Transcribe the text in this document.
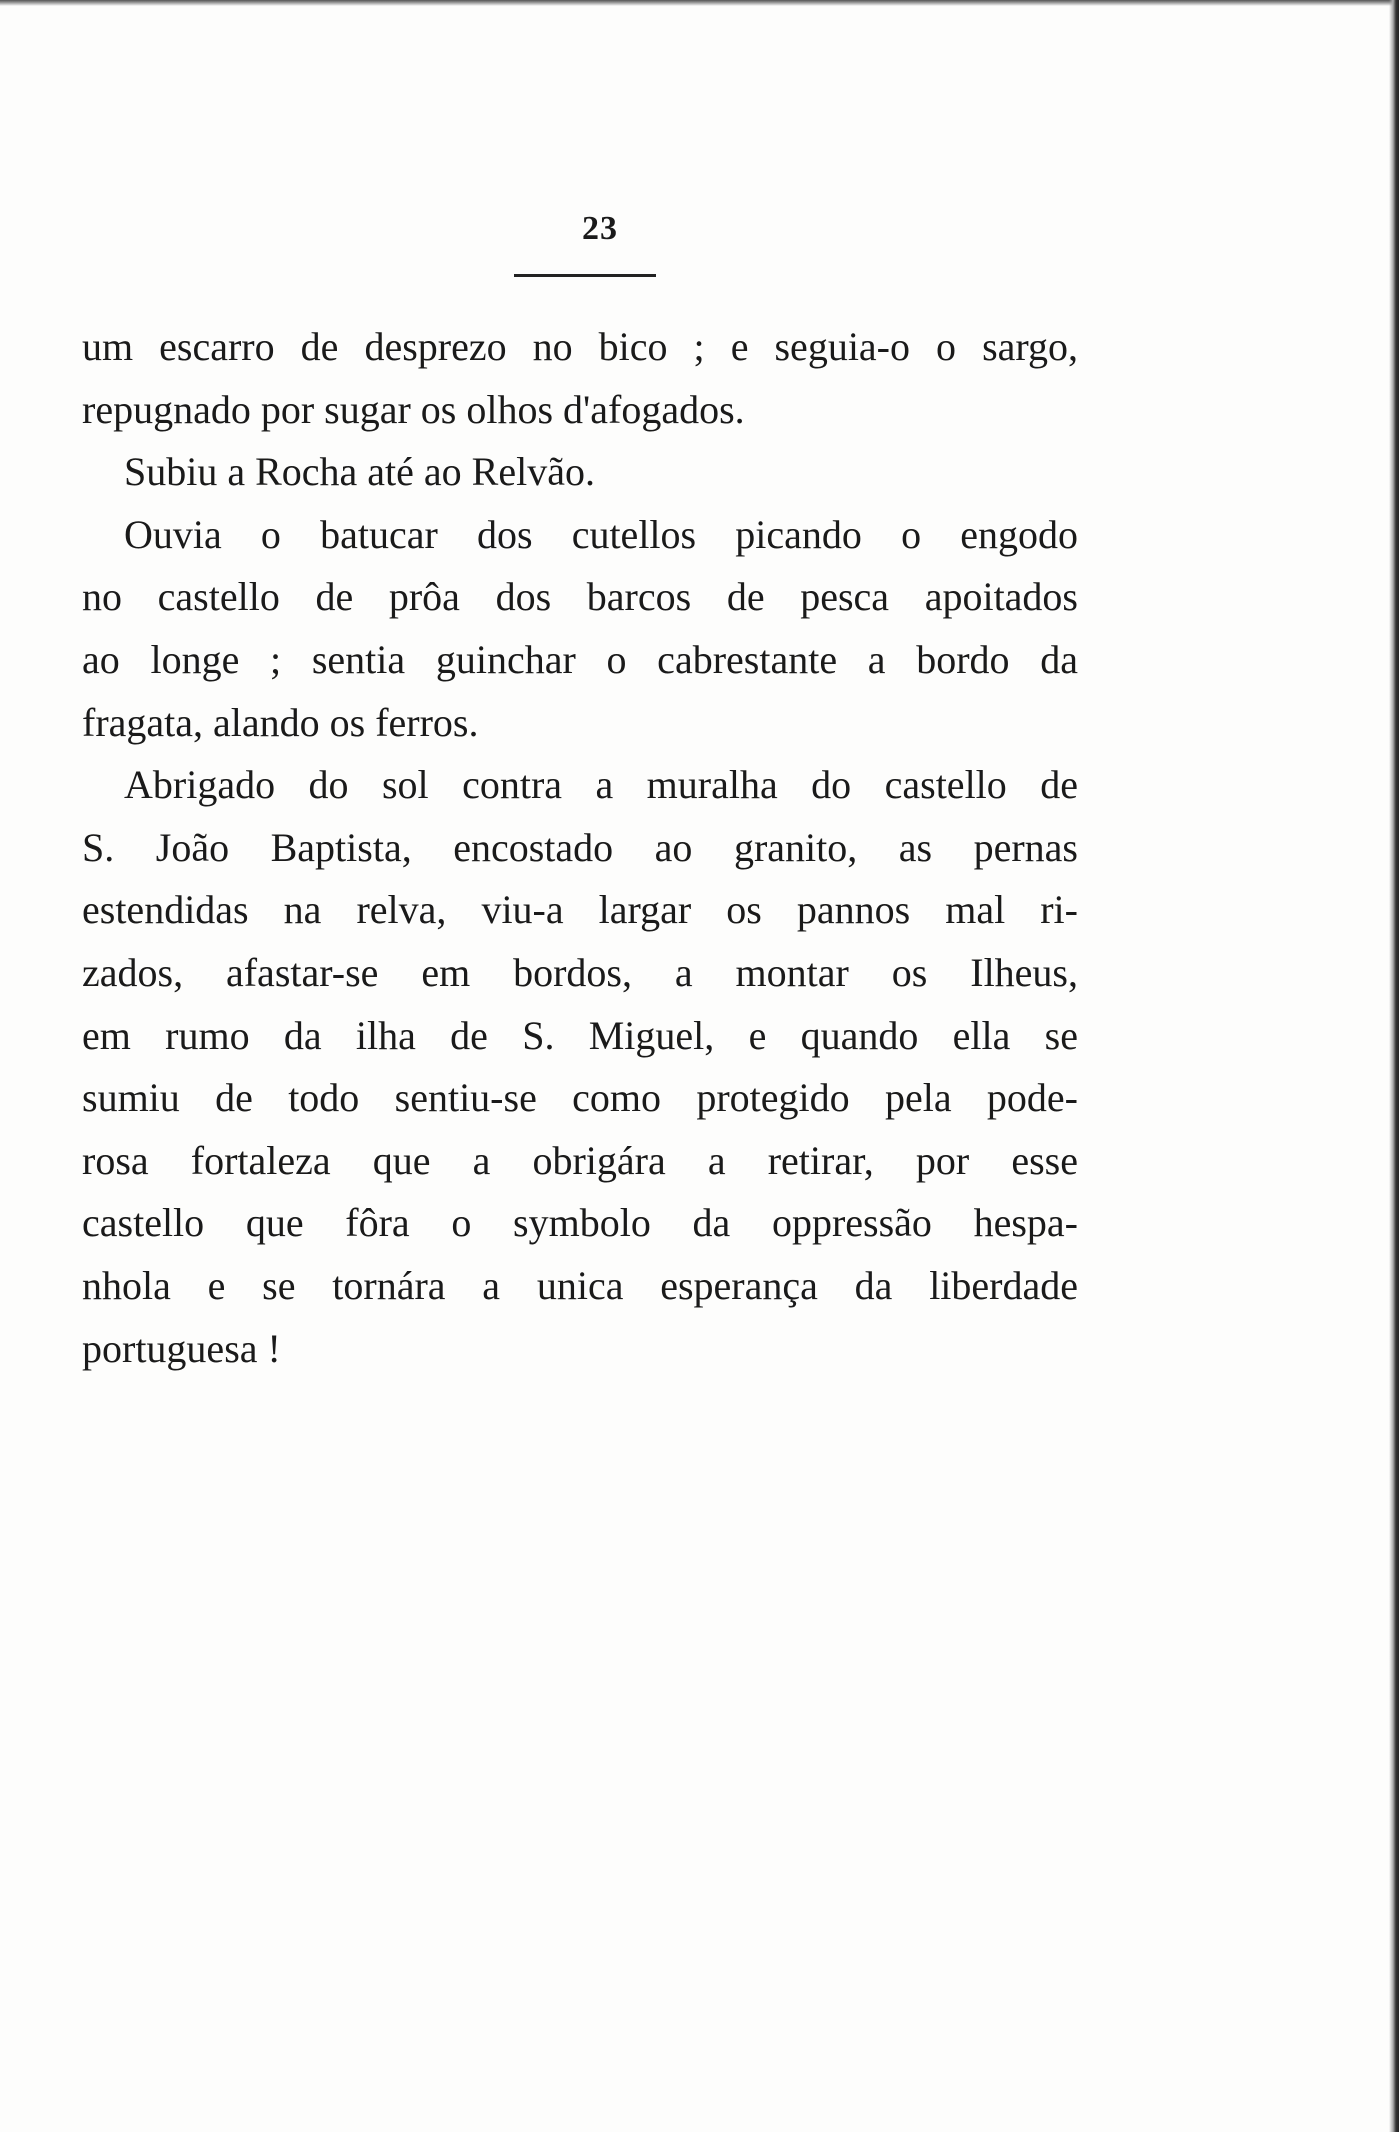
23

um escarro de desprezo no bico ; e seguia-o o sargo,
repugnado por sugar os olhos d'afogados.

Subiu a Rocha até ao Relvão.

Ouvia o batucar dos cutellos picando o engodo
no castello de prôa dos barcos de pesca apoitados
ao longe ; sentia guinchar o cabrestante a bordo da
fragata, alando os ferros.

Abrigado do sol contra a muralha do castello de
S. João Baptista, encostado ao granito, as pernas
estendidas na relva, viu-a largar os pannos mal ri-
zados, afastar-se em bordos, a montar os Ilheus,
em rumo da ilha de S. Miguel, e quando ella se
sumiu de todo sentiu-se como protegido pela pode-
rosa fortaleza que a obrigára a retirar, por esse
castello que fôra o symbolo da oppressão hespa-
nhola e se tornára a unica esperança da liberdade
portuguesa !
